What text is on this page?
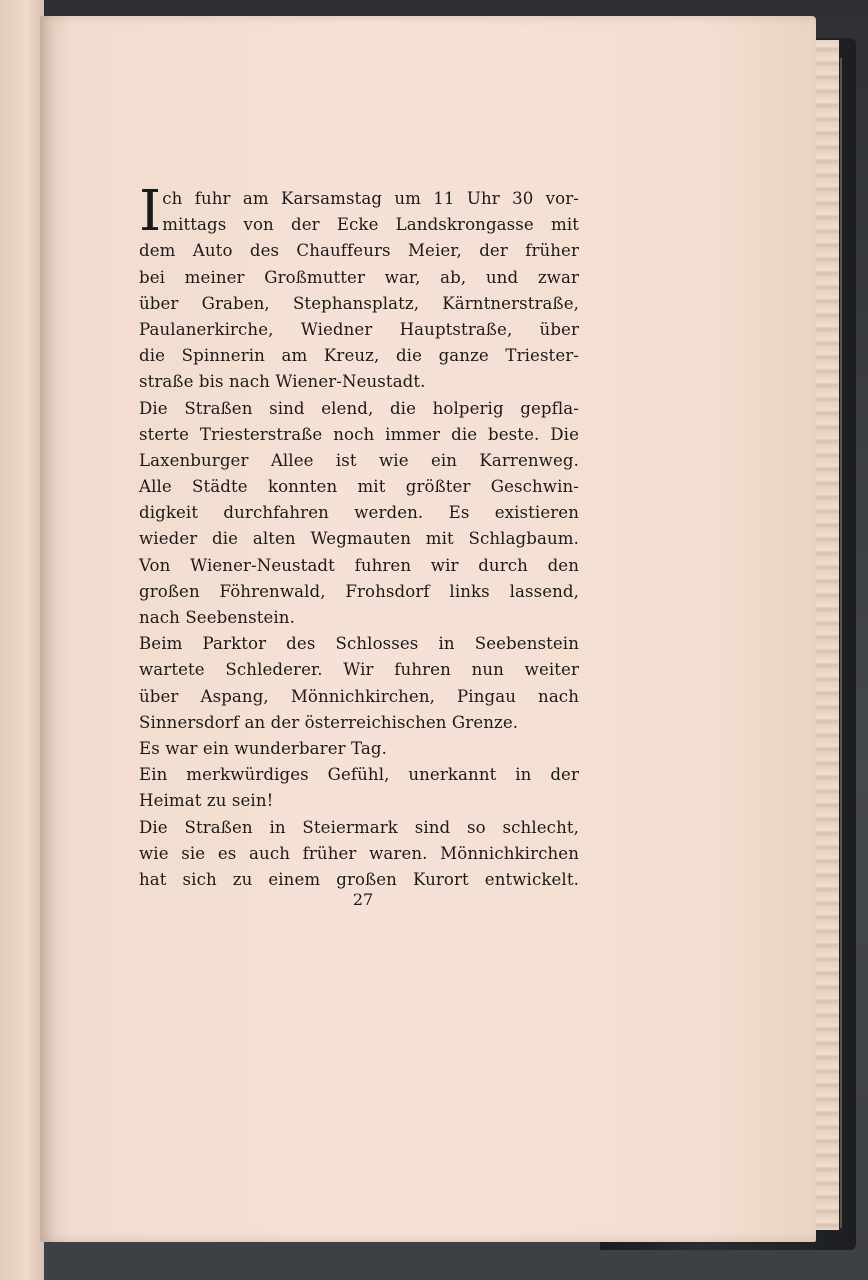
I ch fuhr am Karsamstag um 11 Uhr 30 vor-
mittags von der Ecke Landskrongasse mit
dem Auto des Chauffeurs Meier, der früher
bei meiner Großmutter war, ab, und zwar
über Graben, Stephansplatz, Kärntnerstraße,
Paulanerkirche, Wiedner Hauptstraße, über
die Spinnerin am Kreuz, die ganze Triester-
straße bis nach Wiener-Neustadt.
Die Straßen sind elend, die holperig gepfla-
sterte Triesterstraße noch immer die beste. Die
Laxenburger Allee ist wie ein Karrenweg.
Alle Städte konnten mit größter Geschwin-
digkeit durchfahren werden. Es existieren
wieder die alten Wegmauten mit Schlagbaum.
Von Wiener-Neustadt fuhren wir durch den
großen Föhrenwald, Frohsdorf links lassend,
nach Seebenstein.
Beim Parktor des Schlosses in Seebenstein
wartete Schlederer. Wir fuhren nun weiter
über Aspang, Mönnichkirchen, Pingau nach
Sinnersdorf an der österreichischen Grenze.
Es war ein wunderbarer Tag.
Ein merkwürdiges Gefühl, unerkannt in der
Heimat zu sein!
Die Straßen in Steiermark sind so schlecht,
wie sie es auch früher waren. Mönnichkirchen
hat sich zu einem großen Kurort entwickelt.
27
